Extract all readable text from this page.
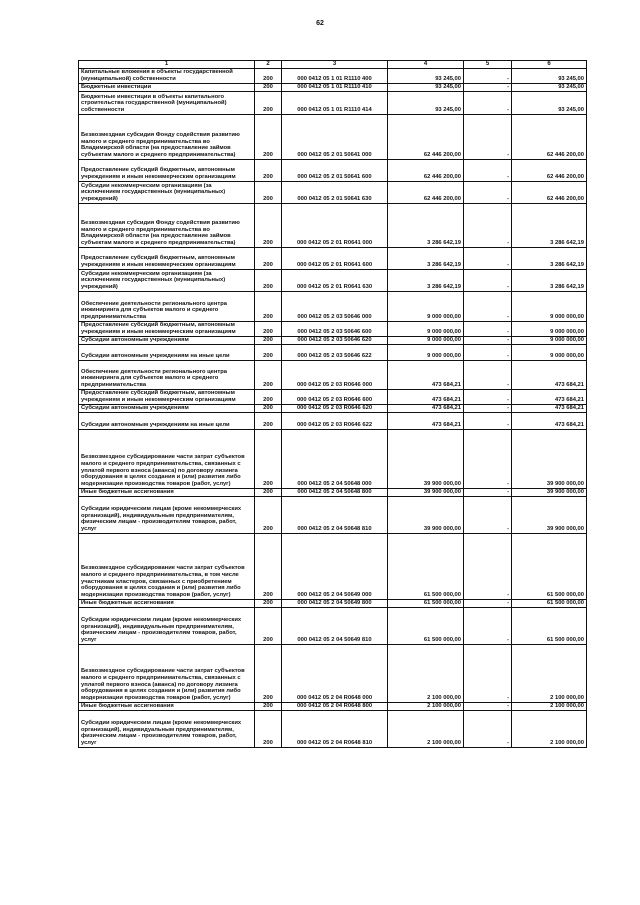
62
1	2	3	4	5	6
Капитальные вложения в объекты государственной (муниципальной) собственности	200	000 0412 05 1 01 R1110 400	93 245,00	-	93 245,00
Бюджетные инвестиции	200	000 0412 05 1 01 R1110 410	93 245,00	-	93 245,00
Бюджетные инвестиции в объекты капитального строительства государственной (муниципальной) собственности	200	000 0412 05 1 01 R1110 414	93 245,00	-	93 245,00
Безвозмездная субсидия Фонду содействия развитию малого и среднего предпринимательства во Владимирской области (на предоставление займов субъектам малого и среднего предпринимательства)	200	000 0412 05 2 01 50641 000	62 446 200,00	-	62 446 200,00
Предоставление субсидий бюджетным, автономным учреждениям и иным некоммерческим организациям	200	000 0412 05 2 01 50641 600	62 446 200,00	-	62 446 200,00
Субсидии некоммерческим организациям (за исключением государственных (муниципальных) учреждений)	200	000 0412 05 2 01 50641 630	62 446 200,00	-	62 446 200,00
Безвозмездная субсидия Фонду содействия развитию малого и среднего предпринимательства во Владимирской области (на предоставление займов субъектам малого и среднего предпринимательства)	200	000 0412 05 2 01 R0641 000	3 286 642,19	-	3 286 642,19
Предоставление субсидий бюджетным, автономным учреждениям и иным некоммерческим организациям	200	000 0412 05 2 01 R0641 600	3 286 642,19	-	3 286 642,19
Субсидии некоммерческим организациям (за исключением государственных (муниципальных) учреждений)	200	000 0412 05 2 01 R0641 630	3 286 642,19	-	3 286 642,19
Обеспечение деятельности регионального центра инжиниринга для субъектов малого и среднего предпринимательства	200	000 0412 05 2 03 50646 000	9 000 000,00	-	9 000 000,00
Предоставление субсидий бюджетным, автономным учреждениям и иным некоммерческим организациям	200	000 0412 05 2 03 50646 600	9 000 000,00	-	9 000 000,00
Субсидии автономным учреждениям	200	000 0412 05 2 03 50646 620	9 000 000,00	-	9 000 000,00
Субсидии автономным учреждениям на иные цели	200	000 0412 05 2 03 50646 622	9 000 000,00	-	9 000 000,00
Обеспечение деятельности регионального центра инжиниринга для субъектов малого и среднего предпринимательства	200	000 0412 05 2 03 R0646 000	473 684,21	-	473 684,21
Предоставление субсидий бюджетным, автономным учреждениям и иным некоммерческим организациям	200	000 0412 05 2 03 R0646 600	473 684,21	-	473 684,21
Субсидии автономным учреждениям	200	000 0412 05 2 03 R0646 620	473 684,21	-	473 684,21
Субсидии автономным учреждениям на иные цели	200	000 0412 05 2 03 R0646 622	473 684,21	-	473 684,21
Безвозмездное субсидирование части затрат субъектов малого и среднего предпринимательства, связанных с уплатой первого взноса (аванса) по договору лизинга оборудования в целях создания и (или) развития либо модернизации производства товаров (работ, услуг)	200	000 0412 05 2 04 50648 000	39 900 000,00	-	39 900 000,00
Иные бюджетные ассигнования	200	000 0412 05 2 04 50648 800	39 900 000,00	-	39 900 000,00
Субсидии юридическим лицам (кроме некоммерческих организаций), индивидуальным предпринимателям, физическим лицам - производителям товаров, работ, услуг	200	000 0412 05 2 04 50648 810	39 900 000,00	-	39 900 000,00
Безвозмездное субсидирование части затрат субъектов малого и среднего предпринимательства, в том числе участникам кластеров, связанных с приобретением оборудования в целях создания и (или) развития либо модернизации производства товаров (работ, услуг)	200	000 0412 05 2 04 50649 000	61 500 000,00	-	61 500 000,00
Иные бюджетные ассигнования	200	000 0412 05 2 04 50649 800	61 500 000,00	-	61 500 000,00
Субсидии юридическим лицам (кроме некоммерческих организаций), индивидуальным предпринимателям, физическим лицам - производителям товаров, работ, услуг	200	000 0412 05 2 04 50649 810	61 500 000,00	-	61 500 000,00
Безвозмездное субсидирование части затрат субъектов малого и среднего предпринимательства, связанных с уплатой первого взноса (аванса) по договору лизинга оборудования в целях создания и (или) развития либо модернизации производства товаров (работ, услуг)	200	000 0412 05 2 04 R0648 000	2 100 000,00	-	2 100 000,00
Иные бюджетные ассигнования	200	000 0412 05 2 04 R0648 800	2 100 000,00	-	2 100 000,00
Субсидии юридическим лицам (кроме некоммерческих организаций), индивидуальным предпринимателям, физическим лицам - производителям товаров, работ, услуг	200	000 0412 05 2 04 R0648 810	2 100 000,00	-	2 100 000,00
